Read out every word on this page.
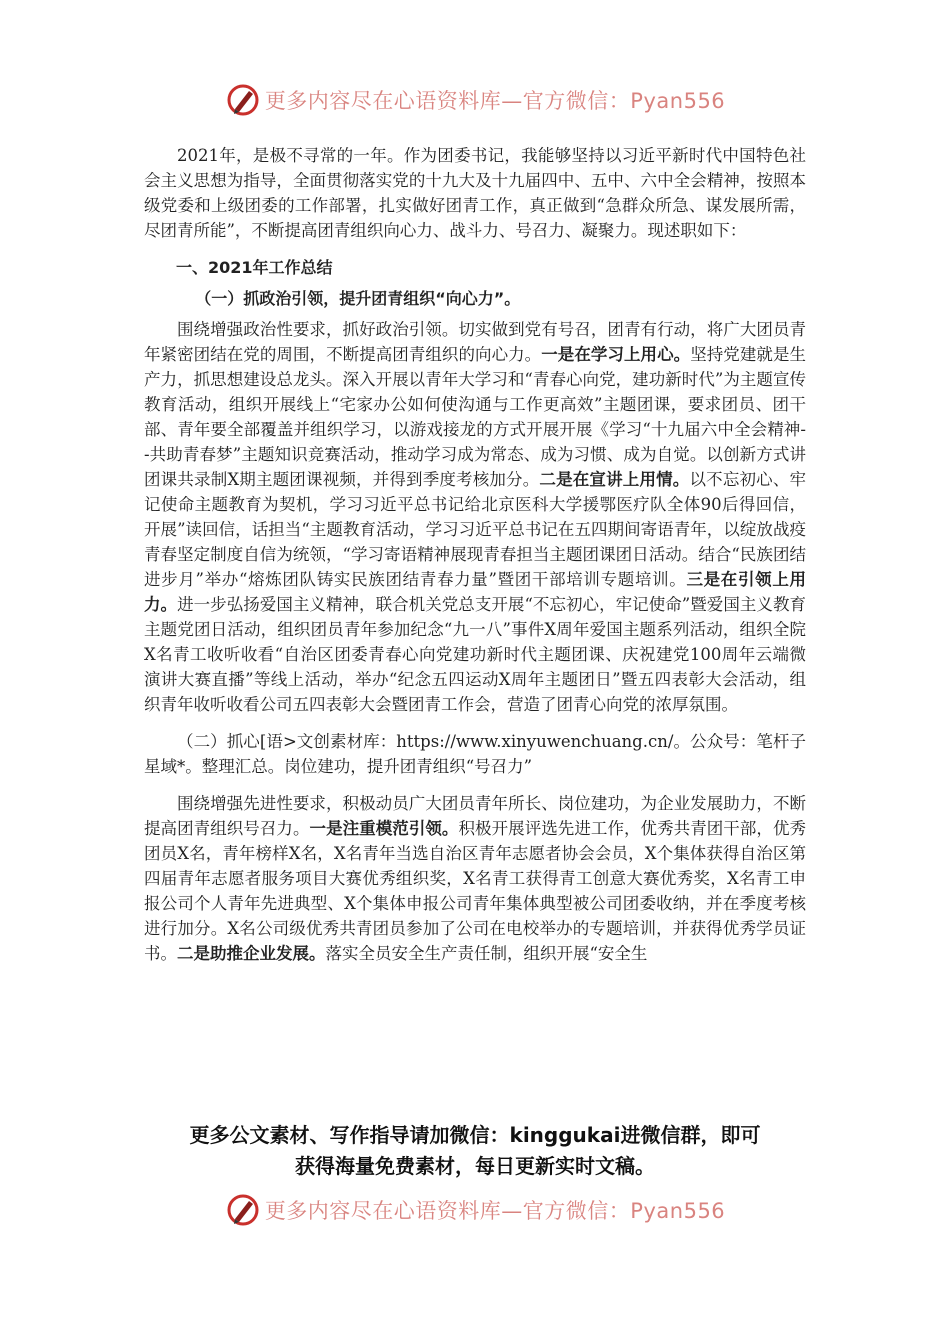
更多内容尽在心语资料库—官方微信：Pyan556

2021年，是极不寻常的一年。作为团委书记，我能够坚持以习近平新时代中国特色社会主义思想为指导，全面贯彻落实党的十九大及十九届四中、五中、六中全会精神，按照本级党委和上级团委的工作部署，扎实做好团青工作，真正做到“急群众所急、谋发展所需，尽团青所能”，不断提高团青组织向心力、战斗力、号召力、凝聚力。现述职如下：

一、2021年工作总结

（一）抓政治引领，提升团青组织“向心力”。

围绕增强政治性要求，抓好政治引领。切实做到党有号召，团青有行动，将广大团员青年紧密团结在党的周围，不断提高团青组织的向心力。一是在学习上用心。坚持党建就是生产力，抓思想建设总龙头。深入开展以青年大学习和“青春心向党，建功新时代”为主题宣传教育活动，组织开展线上“宅家办公如何使沟通与工作更高效”主题团课，要求团员、团干部、青年要全部覆盖并组织学习，以游戏接龙的方式开展开展《学习“十九届六中全会精神--共助青春梦”主题知识竞赛活动，推动学习成为常态、成为习惯、成为自觉。以创新方式讲团课共录制X期主题团课视频，并得到季度考核加分。二是在宣讲上用情。以不忘初心、牢记使命主题教育为契机，学习习近平总书记给北京医科大学援鄂医疗队全体90后得回信，开展”读回信，话担当“主题教育活动，学习习近平总书记在五四期间寄语青年，以绽放战疫青春坚定制度自信为统领，“学习寄语精神展现青春担当主题团课团日活动。结合“民族团结进步月”举办“熔炼团队铸实民族团结青春力量”暨团干部培训专题培训。三是在引领上用力。进一步弘扬爱国主义精神，联合机关党总支开展“不忘初心，牢记使命”暨爱国主义教育主题党团日活动，组织团员青年参加纪念“九一八”事件X周年爱国主题系列活动，组织全院X名青工收听收看“自治区团委青春心向党建功新时代主题团课、庆祝建党100周年云端微演讲大赛直播”等线上活动，举办“纪念五四运动X周年主题团日”暨五四表彰大会活动，组织青年收听收看公司五四表彰大会暨团青工作会，营造了团青心向党的浓厚氛围。

（二）抓心[语>文创素材库：https://www.xinyuwenchuang.cn/。公众号：笔杆子星域*。整理汇总。岗位建功，提升团青组织“号召力”

围绕增强先进性要求，积极动员广大团员青年所长、岗位建功，为企业发展助力，不断提高团青组织号召力。一是注重模范引领。积极开展评选先进工作，优秀共青团干部，优秀团员X名，青年榜样X名，X名青年当选自治区青年志愿者协会会员，X个集体获得自治区第四届青年志愿者服务项目大赛优秀组织奖，X名青工获得青工创意大赛优秀奖，X名青工申报公司个人青年先进典型、X个集体申报公司青年集体典型被公司团委收纳，并在季度考核进行加分。X名公司级优秀共青团员参加了公司在电校举办的专题培训，并获得优秀学员证书。二是助推企业发展。落实全员安全生产责任制，组织开展“安全生

更多公文素材、写作指导请加微信：kinggukai进微信群，即可
获得海量免费素材，每日更新实时文稿。
更多内容尽在心语资料库—官方微信：Pyan556
